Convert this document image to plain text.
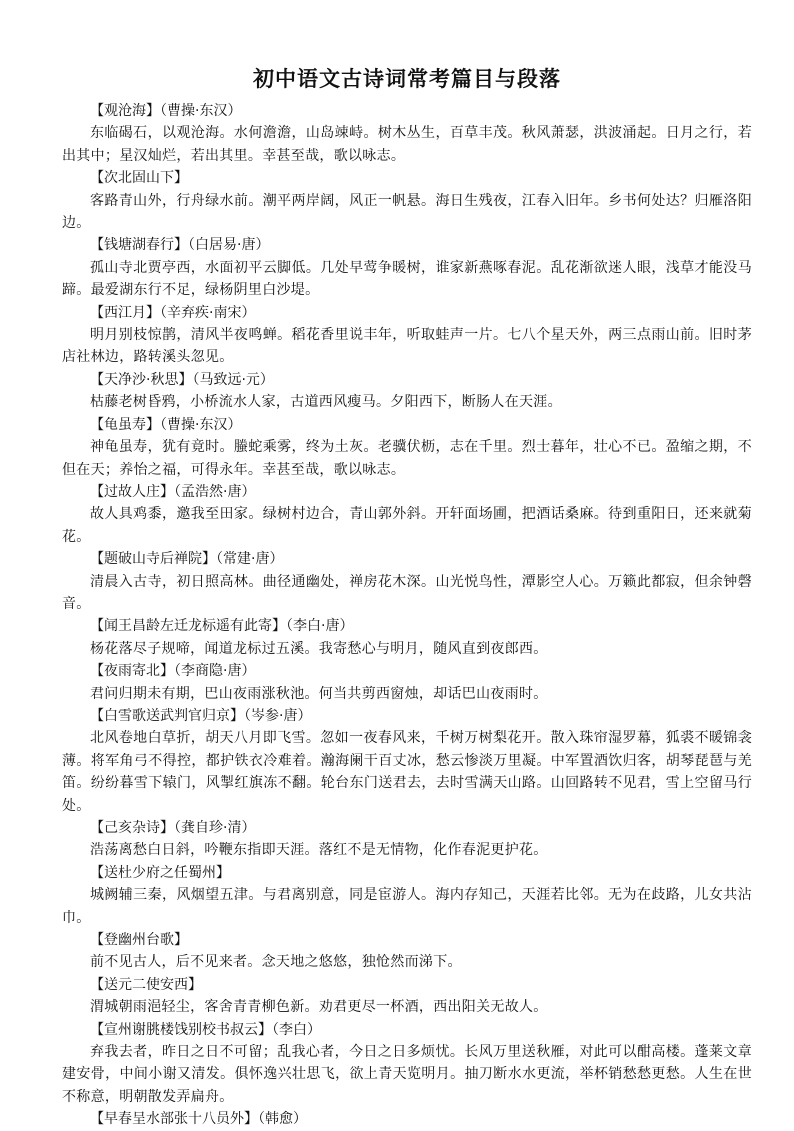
初中语文古诗词常考篇目与段落

【观沧海】（曹操·东汉）

东临碣石，以观沧海。水何澹澹，山岛竦峙。树木丛生，百草丰茂。秋风萧瑟，洪波涌起。日月之行，若出其中；星汉灿烂，若出其里。幸甚至哉，歌以咏志。

【次北固山下】

客路青山外，行舟绿水前。潮平两岸阔，风正一帆悬。海日生残夜，江春入旧年。乡书何处达？归雁洛阳边。

【钱塘湖春行】（白居易·唐）

孤山寺北贾亭西，水面初平云脚低。几处早莺争暖树，谁家新燕啄春泥。乱花渐欲迷人眼，浅草才能没马蹄。最爱湖东行不足，绿杨阴里白沙堤。

【西江月】（辛弃疾·南宋）

明月别枝惊鹊，清风半夜鸣蝉。稻花香里说丰年，听取蛙声一片。七八个星天外，两三点雨山前。旧时茅店社林边，路转溪头忽见。

【天净沙·秋思】（马致远·元）

枯藤老树昏鸦，小桥流水人家，古道西风瘦马。夕阳西下，断肠人在天涯。

【龟虽寿】（曹操·东汉）

神龟虽寿，犹有竟时。螣蛇乘雾，终为土灰。老骥伏枥，志在千里。烈士暮年，壮心不已。盈缩之期，不但在天；养怡之福，可得永年。幸甚至哉，歌以咏志。

【过故人庄】（孟浩然·唐）

故人具鸡黍，邀我至田家。绿树村边合，青山郭外斜。开轩面场圃，把酒话桑麻。待到重阳日，还来就菊花。

【题破山寺后禅院】（常建·唐）

清晨入古寺，初日照高林。曲径通幽处，禅房花木深。山光悦鸟性，潭影空人心。万籁此都寂，但余钟磬音。

【闻王昌龄左迁龙标遥有此寄】（李白·唐）

杨花落尽子规啼，闻道龙标过五溪。我寄愁心与明月，随风直到夜郎西。

【夜雨寄北】（李商隐·唐）

君问归期未有期，巴山夜雨涨秋池。何当共剪西窗烛，却话巴山夜雨时。

【白雪歌送武判官归京】（岑参·唐）

北风卷地白草折，胡天八月即飞雪。忽如一夜春风来，千树万树梨花开。散入珠帘湿罗幕，狐裘不暖锦衾薄。将军角弓不得控，都护铁衣冷难着。瀚海阑干百丈冰，愁云惨淡万里凝。中军置酒饮归客，胡琴琵琶与羌笛。纷纷暮雪下辕门，风掣红旗冻不翻。轮台东门送君去，去时雪满天山路。山回路转不见君，雪上空留马行处。

【己亥杂诗】（龚自珍·清）

浩荡离愁白日斜，吟鞭东指即天涯。落红不是无情物，化作春泥更护花。

【送杜少府之任蜀州】

城阙辅三秦，风烟望五津。与君离别意，同是宦游人。海内存知己，天涯若比邻。无为在歧路，儿女共沾巾。

【登幽州台歌】

前不见古人，后不见来者。念天地之悠悠，独怆然而涕下。

【送元二使安西】

渭城朝雨浥轻尘，客舍青青柳色新。劝君更尽一杯酒，西出阳关无故人。

【宣州谢朓楼饯别校书叔云】（李白）

弃我去者，昨日之日不可留；乱我心者，今日之日多烦忧。长风万里送秋雁，对此可以酣高楼。蓬莱文章建安骨，中间小谢又清发。俱怀逸兴壮思飞，欲上青天览明月。抽刀断水水更流，举杯销愁愁更愁。人生在世不称意，明朝散发弄扁舟。

【早春呈水部张十八员外】（韩愈）
